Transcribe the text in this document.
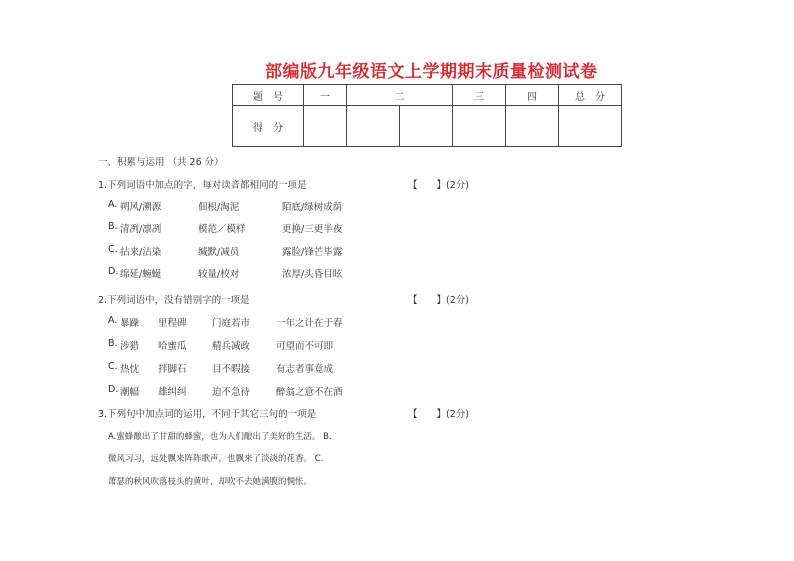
部编版九年级语文上学期期末质量检测试卷
题　号	一	二		三	四	总　分
得　分						
一、积累与运用 （共 26 分）
1.下列词语中加点的字，每对读音都相同的一项是	【　　】(2分)
A. 朔风/溯源	佃根/淘泥	陌底/绿树成荫
B. 清冽/凛冽	模范／模样	更换/三更半夜
C. 拈来/沾染	缄默/减员	露脸/锋芒毕露
D. 绵延/蜿蜒	较量/校对	浓厚/头昏目眩
2.下列词语中，没有错别字的一项是	【　　】(2分)
A. 暴躁 里程碑	门庭若市	一年之计在于春
B. 涉猎 哈蜜瓜	精兵减政	可望而不可即
C. 热忱 拌脚石	目不暇接	有志者事竟成
D. 潮幅 雄纠纠	迫不急待	醉翁之意不在酒
3.下列句中加点词的运用，不同于其它三句的一项是	【　　】(2分)
A.蜜蜂酿出了甘甜的蜂蜜，也为人们酿出了美好的生活。 B.
微风习习，远处飘来阵阵歌声，也飘来了淡淡的花香。 C.
萧瑟的秋风吹落枝头的黄叶，却吹不去她满腹的惆怅。
